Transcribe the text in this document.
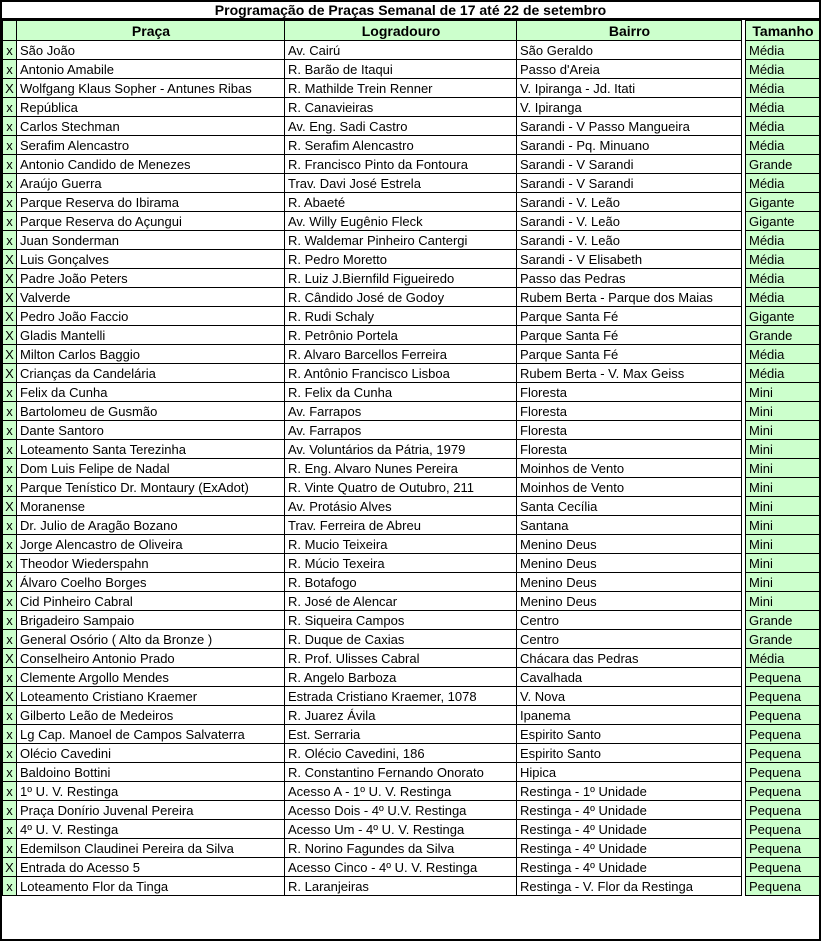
Programação de Praças Semanal de 17 até 22 de setembro
	Praça	Logradouro	Bairro		Tamanho
x	São João	Av. Cairú	São Geraldo		Média
x	Antonio Amabile	R. Barão de Itaqui	Passo d'Areia		Média
X	Wolfgang Klaus Sopher - Antunes Ribas	R. Mathilde Trein Renner	V. Ipiranga - Jd. Itati		Média
x	República	R. Canavieiras	V. Ipiranga		Média
x	Carlos Stechman	Av. Eng. Sadi Castro	Sarandi - V Passo Mangueira		Média
x	Serafim Alencastro	R. Serafim Alencastro	Sarandi - Pq. Minuano		Média
x	Antonio Candido de Menezes	R. Francisco Pinto da Fontoura	Sarandi - V Sarandi		Grande
x	Araújo Guerra	Trav. Davi José Estrela	Sarandi - V Sarandi		Média
x	Parque Reserva do Ibirama	R. Abaeté	Sarandi - V. Leão		Gigante
x	Parque Reserva do Açungui	Av. Willy Eugênio Fleck	Sarandi - V. Leão		Gigante
x	Juan Sonderman	R. Waldemar Pinheiro Cantergi	Sarandi - V. Leão		Média
X	Luis Gonçalves	R. Pedro Moretto	Sarandi - V Elisabeth		Média
X	Padre João Peters	R. Luiz J.Biernfild Figueiredo	Passo das Pedras		Média
X	Valverde	R. Cândido José de Godoy	Rubem Berta - Parque dos Maias		Média
X	Pedro João Faccio	R. Rudi Schaly	Parque Santa Fé		Gigante
X	Gladis Mantelli	R. Petrônio Portela	Parque Santa Fé		Grande
X	Milton Carlos Baggio	R. Alvaro Barcellos Ferreira	Parque Santa Fé		Média
X	Crianças da Candelária	R. Antônio Francisco Lisboa	Rubem Berta - V. Max Geiss		Média
x	Felix da Cunha	R. Felix da Cunha	Floresta		Mini
x	Bartolomeu de Gusmão	Av. Farrapos	Floresta		Mini
x	Dante Santoro	Av. Farrapos	Floresta		Mini
x	Loteamento Santa Terezinha	Av. Voluntários da Pátria, 1979	Floresta		Mini
x	Dom Luis Felipe de Nadal	R. Eng. Alvaro Nunes Pereira	Moinhos de Vento		Mini
x	Parque Tenístico Dr. Montaury (ExAdot)	R. Vinte Quatro de Outubro, 211	Moinhos de Vento		Mini
X	Moranense	Av. Protásio Alves	Santa Cecília		Mini
x	Dr. Julio de Aragão Bozano	Trav. Ferreira de Abreu	Santana		Mini
x	Jorge Alencastro de Oliveira	R. Mucio Teixeira	Menino Deus		Mini
x	Theodor Wiederspahn	R. Múcio Texeira	Menino Deus		Mini
x	Álvaro Coelho Borges	R. Botafogo	Menino Deus		Mini
x	Cid Pinheiro Cabral	R. José de Alencar	Menino Deus		Mini
x	Brigadeiro Sampaio	R. Siqueira Campos	Centro		Grande
x	General Osório ( Alto da Bronze )	R. Duque de Caxias	Centro		Grande
X	Conselheiro Antonio Prado	R. Prof. Ulisses Cabral	Chácara das Pedras		Média
x	Clemente Argollo Mendes	R. Angelo Barboza	Cavalhada		Pequena
X	Loteamento Cristiano Kraemer	Estrada Cristiano Kraemer, 1078	V. Nova		Pequena
x	Gilberto Leão de Medeiros	R. Juarez Ávila	Ipanema		Pequena
x	Lg Cap. Manoel de Campos Salvaterra	Est. Serraria	Espirito Santo		Pequena
x	Olécio Cavedini	R. Olécio Cavedini, 186	Espirito Santo		Pequena
x	Baldoino Bottini	R. Constantino Fernando Onorato	Hipica		Pequena
x	1º U. V. Restinga	Acesso A - 1º U. V. Restinga	Restinga - 1º Unidade		Pequena
x	Praça Donírio Juvenal Pereira	Acesso Dois - 4º U.V. Restinga	Restinga - 4º Unidade		Pequena
x	4º U. V. Restinga	Acesso Um - 4º U. V. Restinga	Restinga - 4º Unidade		Pequena
x	Edemilson Claudinei Pereira da Silva	R. Norino Fagundes da Silva	Restinga - 4º Unidade		Pequena
X	Entrada do Acesso 5	Acesso Cinco - 4º U. V. Restinga	Restinga - 4º Unidade		Pequena
x	Loteamento Flor da Tinga	R. Laranjeiras	Restinga - V. Flor da Restinga		Pequena
